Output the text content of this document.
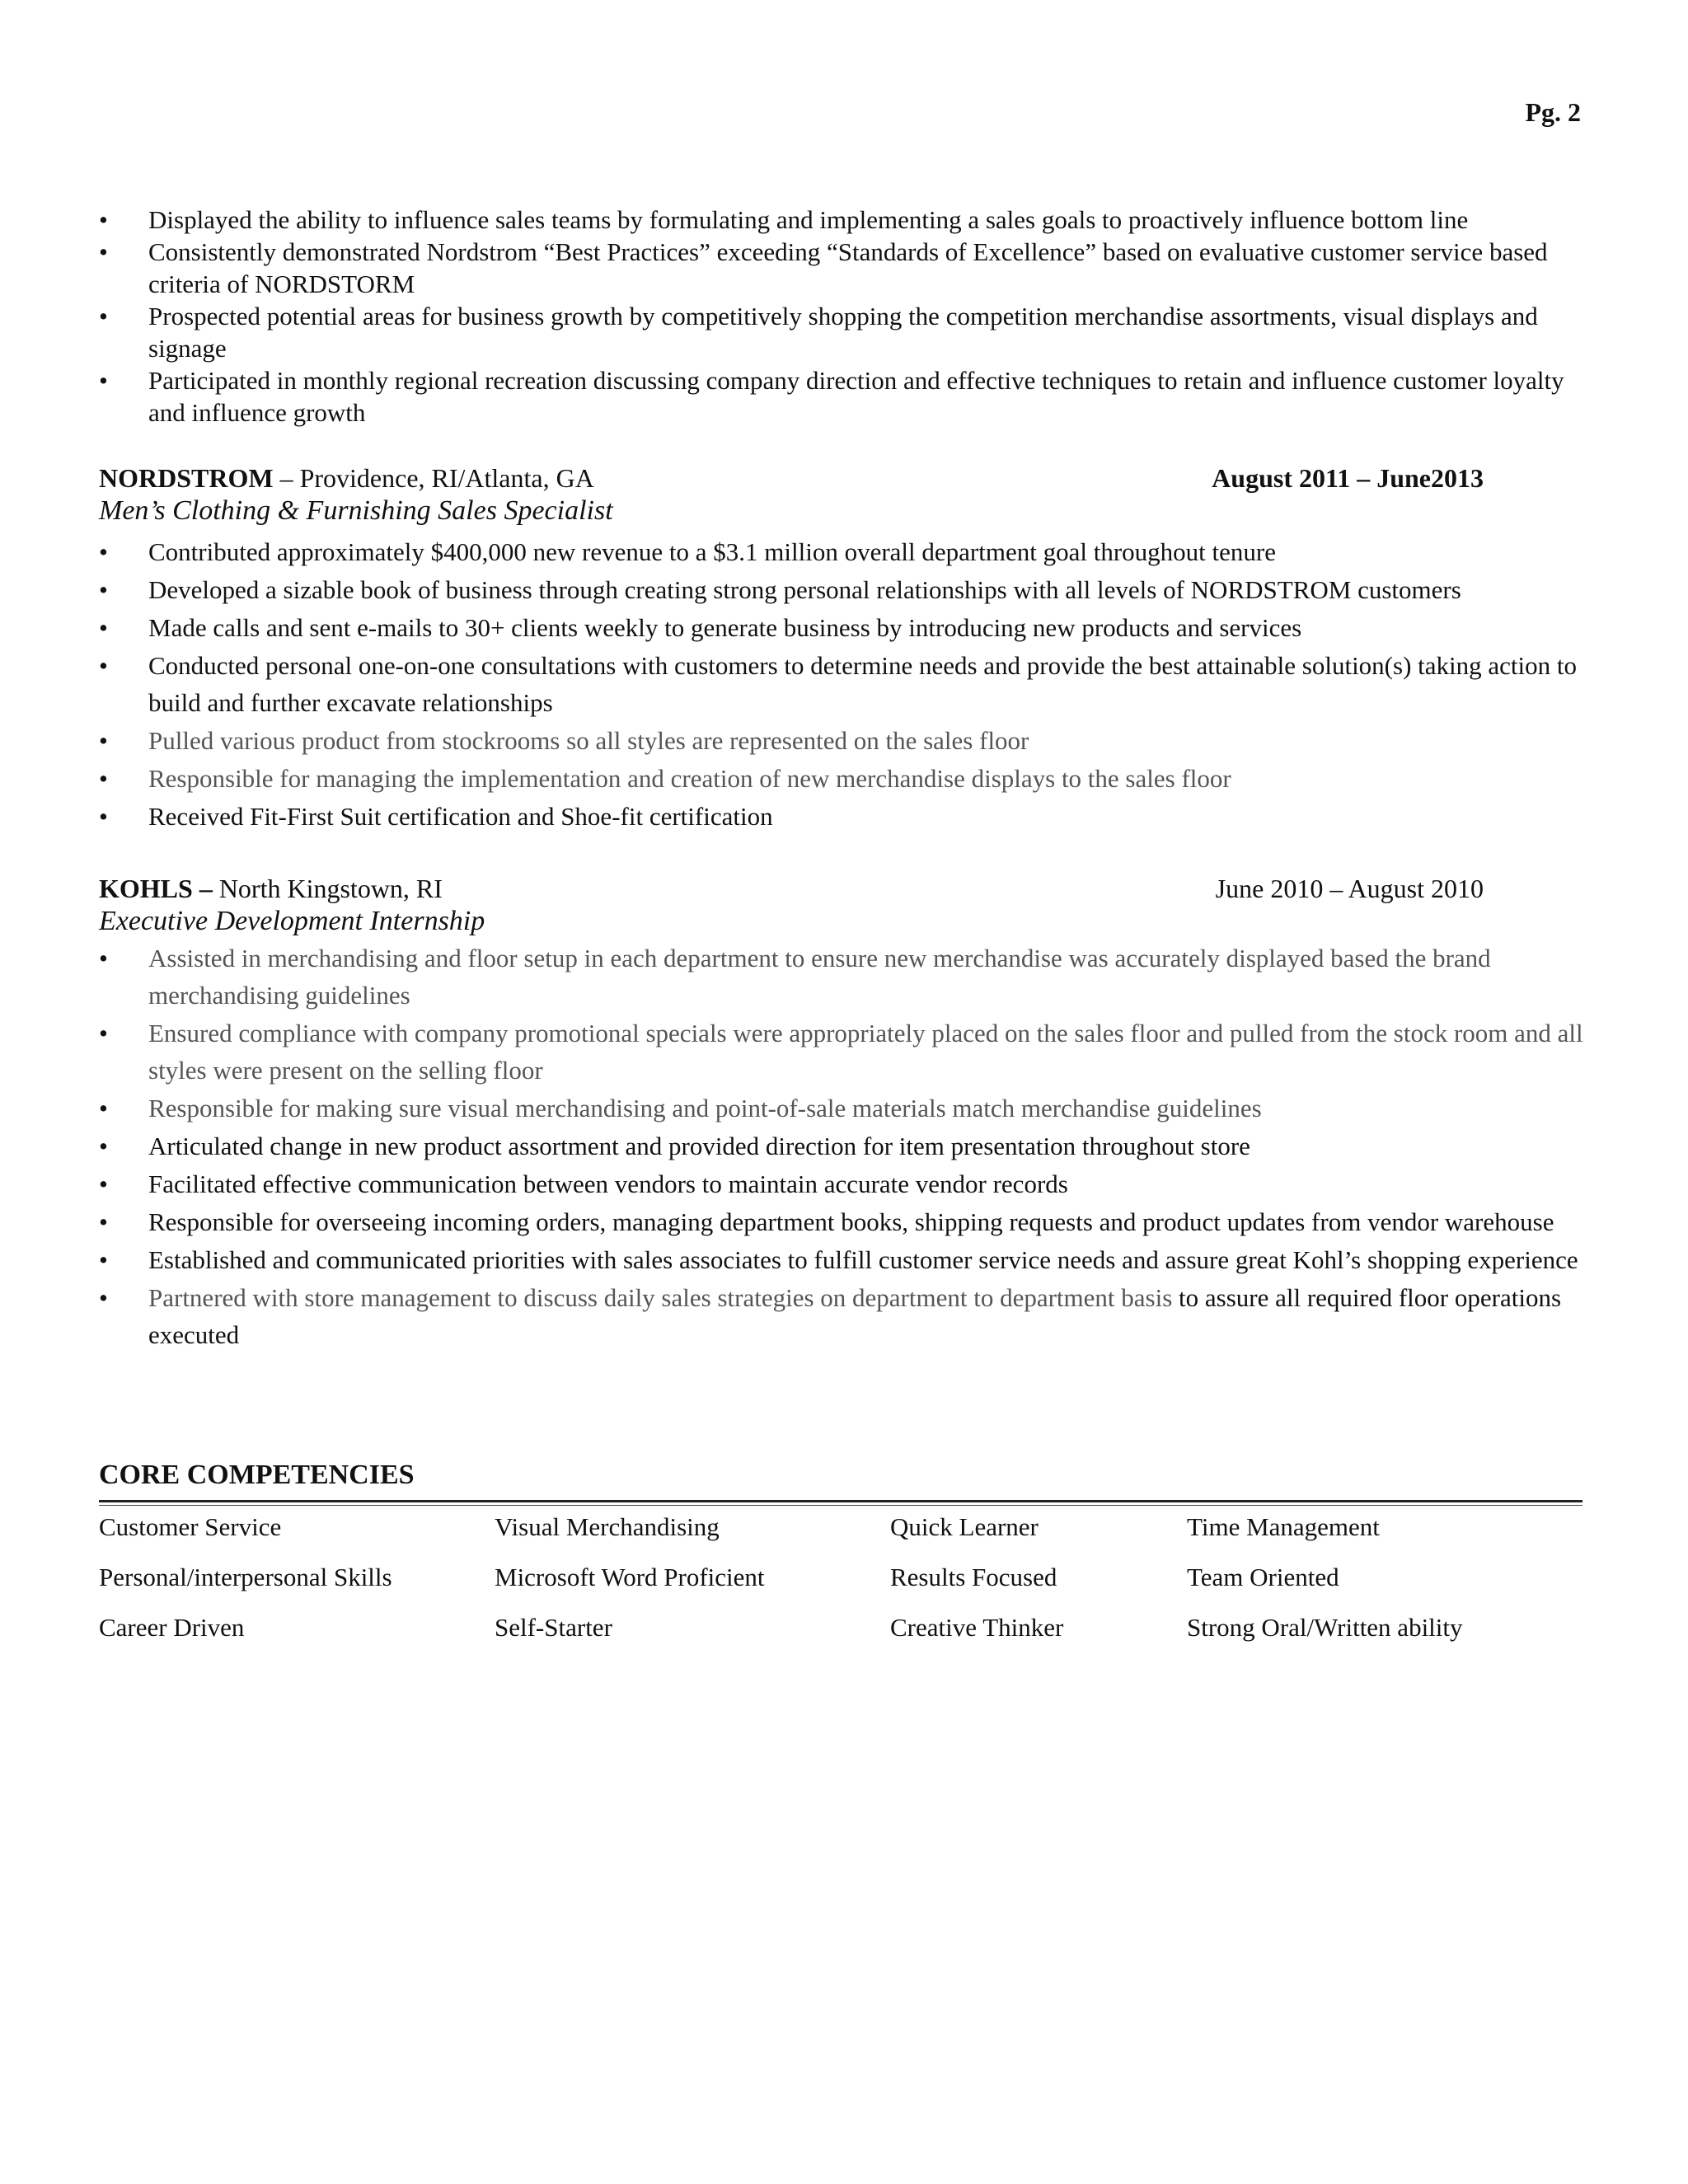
Pg. 2
• Displayed the ability to influence sales teams by formulating and implementing a sales goals to proactively influence bottom line
• Consistently demonstrated Nordstrom “Best Practices” exceeding “Standards of Excellence” based on evaluative customer service based criteria of NORDSTORM
• Prospected potential areas for business growth by competitively shopping the competition merchandise assortments, visual displays and signage
• Participated in monthly regional recreation discussing company direction and effective techniques to retain and influence customer loyalty and influence growth
NORDSTROM – Providence, RI/Atlanta, GA	August 2011 – June2013
Men’s Clothing & Furnishing Sales Specialist
• Contributed approximately $400,000 new revenue to a $3.1 million overall department goal throughout tenure
• Developed a sizable book of business through creating strong personal relationships with all levels of NORDSTROM customers
• Made calls and sent e-mails to 30+ clients weekly to generate business by introducing new products and services
• Conducted personal one-on-one consultations with customers to determine needs and provide the best attainable solution(s) taking action to build and further excavate relationships
• Pulled various product from stockrooms so all styles are represented on the sales floor
• Responsible for managing the implementation and creation of new merchandise displays to the sales floor
• Received Fit-First Suit certification and Shoe-fit certification
KOHLS – North Kingstown, RI	June 2010 – August 2010
Executive Development Internship
• Assisted in merchandising and floor setup in each department to ensure new merchandise was accurately displayed based the brand merchandising guidelines
• Ensured compliance with company promotional specials were appropriately placed on the sales floor and pulled from the stock room and all styles were present on the selling floor
• Responsible for making sure visual merchandising and point-of-sale materials match merchandise guidelines
• Articulated change in new product assortment and provided direction for item presentation throughout store
• Facilitated effective communication between vendors to maintain accurate vendor records
• Responsible for overseeing incoming orders, managing department books, shipping requests and product updates from vendor warehouse
• Established and communicated priorities with sales associates to fulfill customer service needs and assure great Kohl’s shopping experience
• Partnered with store management to discuss daily sales strategies on department to department basis to assure all required floor operations executed
CORE COMPETENCIES
Customer Service	Visual Merchandising	Quick Learner	Time Management
Personal/interpersonal Skills	Microsoft Word Proficient	Results Focused	Team Oriented
Career Driven	Self-Starter	Creative Thinker	Strong Oral/Written ability
